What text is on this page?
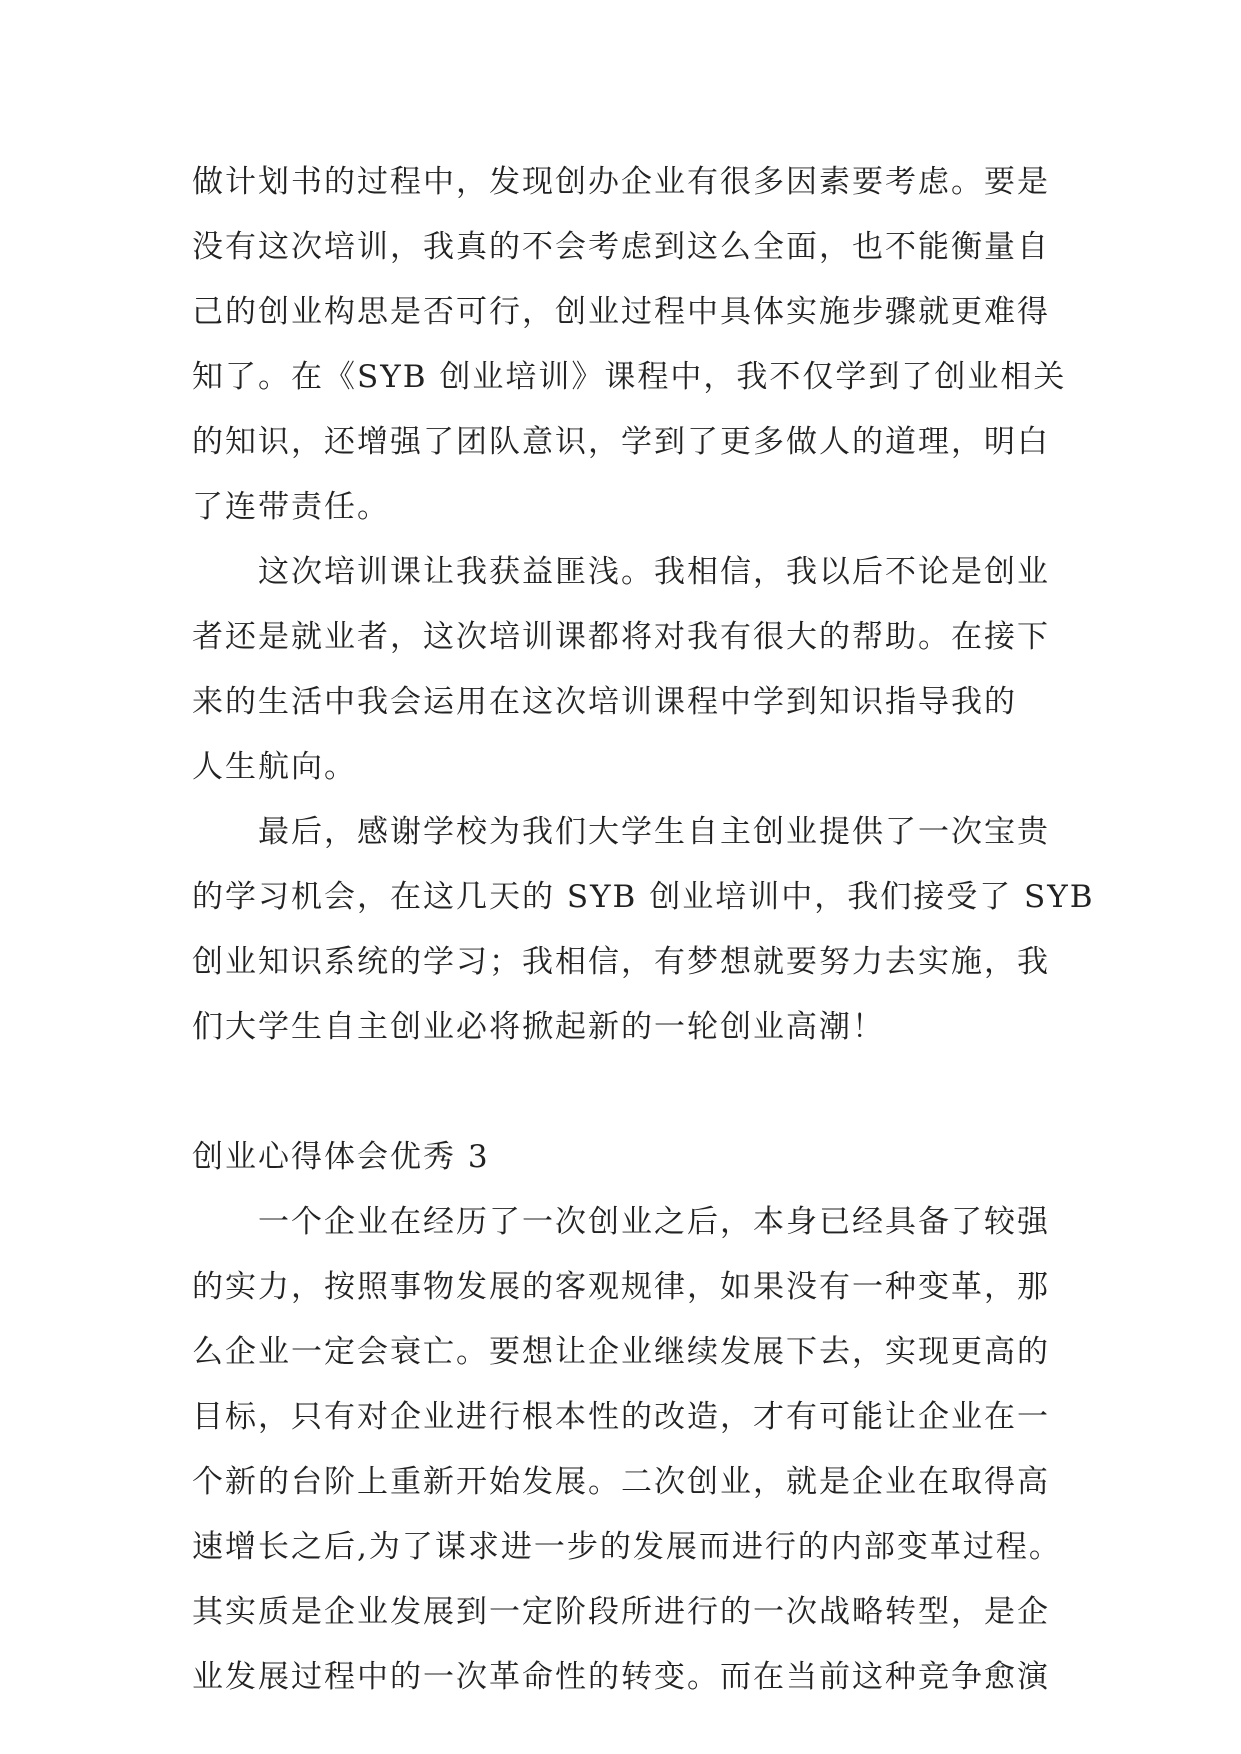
做计划书的过程中，发现创办企业有很多因素要考虑。要是
没有这次培训，我真的不会考虑到这么全面，也不能衡量自
己的创业构思是否可行，创业过程中具体实施步骤就更难得
知了。在《SYB 创业培训》课程中，我不仅学到了创业相关
的知识，还增强了团队意识，学到了更多做人的道理，明白
了连带责任。
这次培训课让我获益匪浅。我相信，我以后不论是创业
者还是就业者，这次培训课都将对我有很大的帮助。在接下
来的生活中我会运用在这次培训课程中学到知识指导我的
人生航向。
最后，感谢学校为我们大学生自主创业提供了一次宝贵
的学习机会，在这几天的 SYB 创业培训中，我们接受了 SYB
创业知识系统的学习；我相信，有梦想就要努力去实施，我
们大学生自主创业必将掀起新的一轮创业高潮！
创业心得体会优秀 3
一个企业在经历了一次创业之后，本身已经具备了较强
的实力，按照事物发展的客观规律，如果没有一种变革，那
么企业一定会衰亡。要想让企业继续发展下去，实现更高的
目标，只有对企业进行根本性的改造，才有可能让企业在一
个新的台阶上重新开始发展。二次创业，就是企业在取得高
速增长之后,为了谋求进一步的发展而进行的内部变革过程。
其实质是企业发展到一定阶段所进行的一次战略转型，是企
业发展过程中的一次革命性的转变。而在当前这种竞争愈演
